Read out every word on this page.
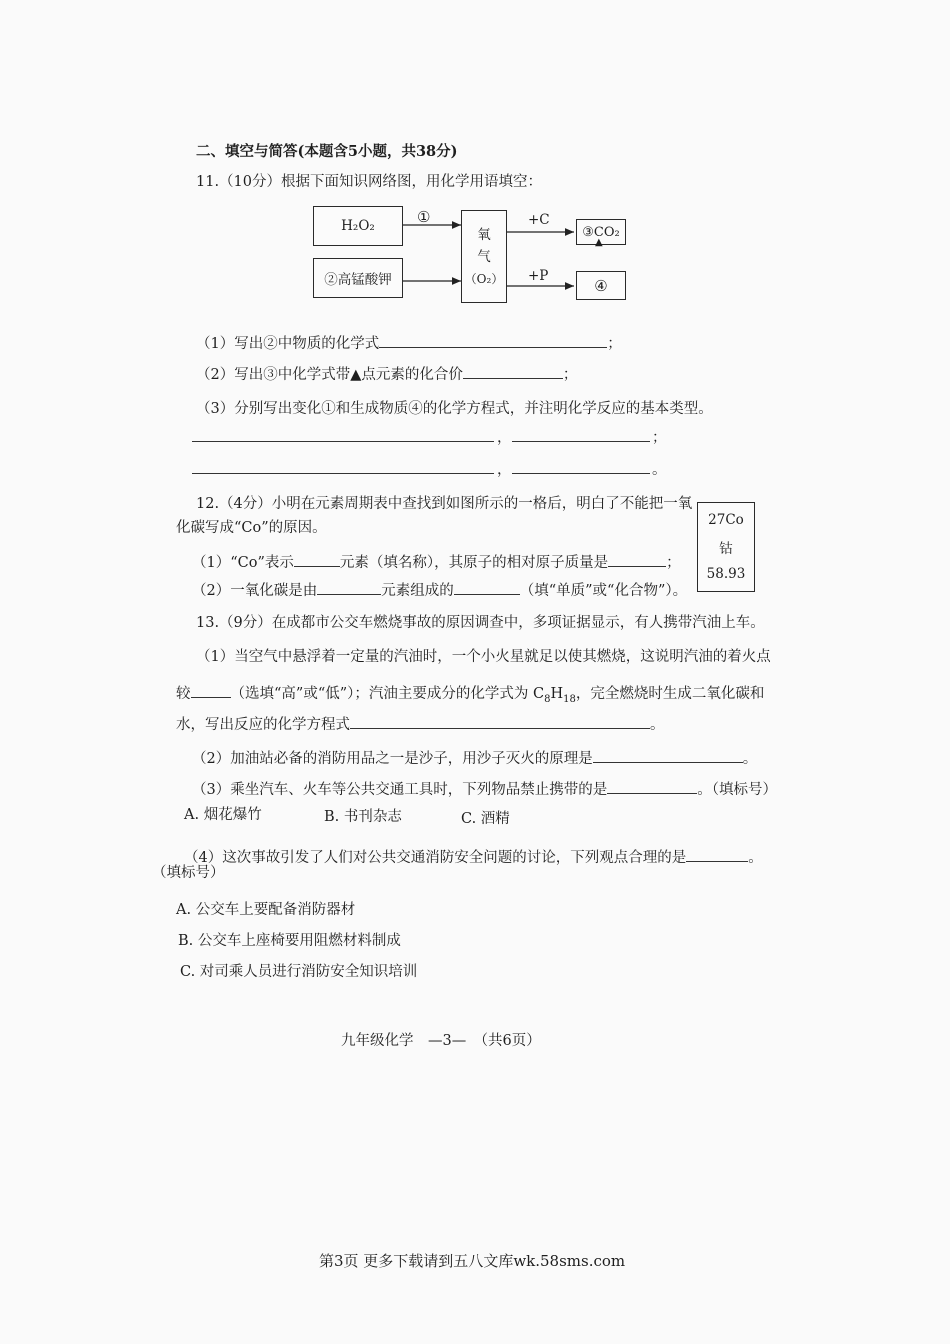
二、填空与简答(本题含5小题，共38分)
11.（10分）根据下面知识网络图，用化学用语填空：
H₂O₂
②高锰酸钾
①
氧
气
（O₂）
+C
+P
③ CO₂
▲
④
（1）写出②中物质的化学式	；
（2）写出③中化学式带▲点元素的化合价	；
（3）分别写出变化①和生成物质④的化学方程式，并注明化学反应的基本类型。
，	；
，	。
12.（4分）小明在元素周期表中查找到如图所示的一格后，明白了不能把一氧
化碳写成“Co”的原因。
（1）“Co”表示	元素（填名称），其原子的相对原子质量是	；
（2）一氧化碳是由	元素组成的	（填“单质”或“化合物”）。
27Co
钴
58.93
13.（9分）在成都市公交车燃烧事故的原因调查中，多项证据显示，有人携带汽油上车。
（1）当空气中悬浮着一定量的汽油时，一个小火星就足以使其燃烧，这说明汽油的着火点
较	（选填“高”或“低”）；汽油主要成分的化学式为 $C_8H_{18}$，完全燃烧时生成二氧化碳和
水，写出反应的化学方程式	。
（2）加油站必备的消防用品之一是沙子，用沙子灭火的原理是	。
（3）乘坐汽车、火车等公共交通工具时，下列物品禁止携带的是	。（填标号）
A. 烟花爆竹	B. 书刊杂志	C. 酒精
（4）这次事故引发了人们对公共交通消防安全问题的讨论，下列观点合理的是	。
（填标号）
A. 公交车上要配备消防器材
B. 公交车上座椅要用阻燃材料制成
C. 对司乘人员进行消防安全知识培训
九年级化学　—3—　（共6页）
第3页 更多下载请到五八文库wk.58sms.com
